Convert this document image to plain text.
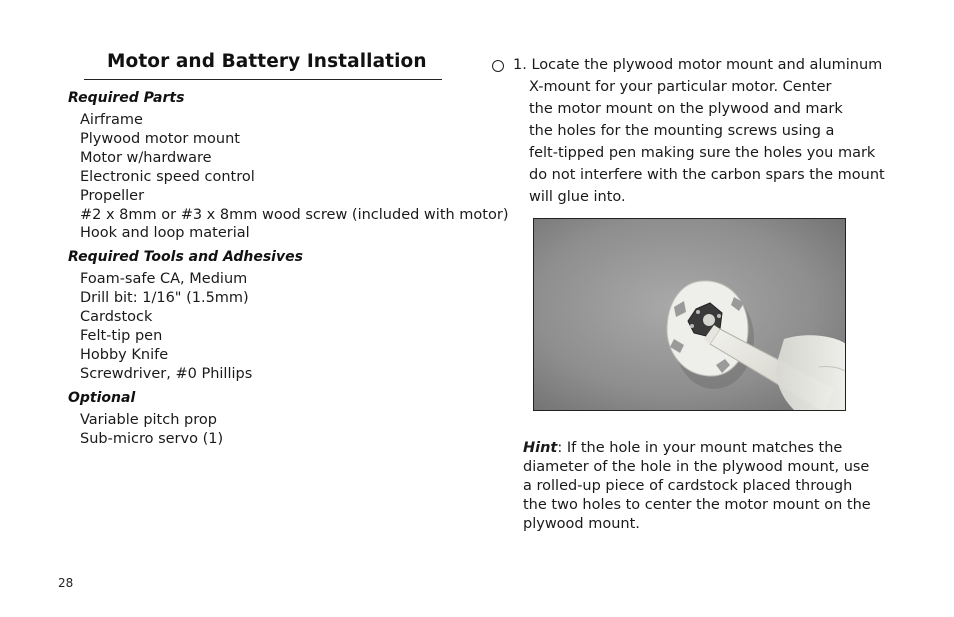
Motor and Battery Installation
Required Parts
Airframe
Plywood motor mount
Motor w/hardware
Electronic speed control
Propeller
#2 x 8mm or #3 x 8mm wood screw (included with motor)
Hook and loop material
Required Tools and Adhesives
Foam-safe CA, Medium
Drill bit: 1/16" (1.5mm)
Cardstock
Felt-tip pen
Hobby Knife
Screwdriver, #0 Phillips
Optional
Variable pitch prop
Sub-micro servo (1)
1. Locate the plywood motor mount and aluminum
X-mount for your particular motor. Center
the motor mount on the plywood and mark
the holes for the mounting screws using a
felt-tipped pen making sure the holes you mark
do not interfere with the carbon spars the mount
will glue into.
Hint: If the hole in your mount matches the
diameter of the hole in the plywood mount, use
a rolled-up piece of cardstock placed through
the two holes to center the motor mount on the
plywood mount.
28
